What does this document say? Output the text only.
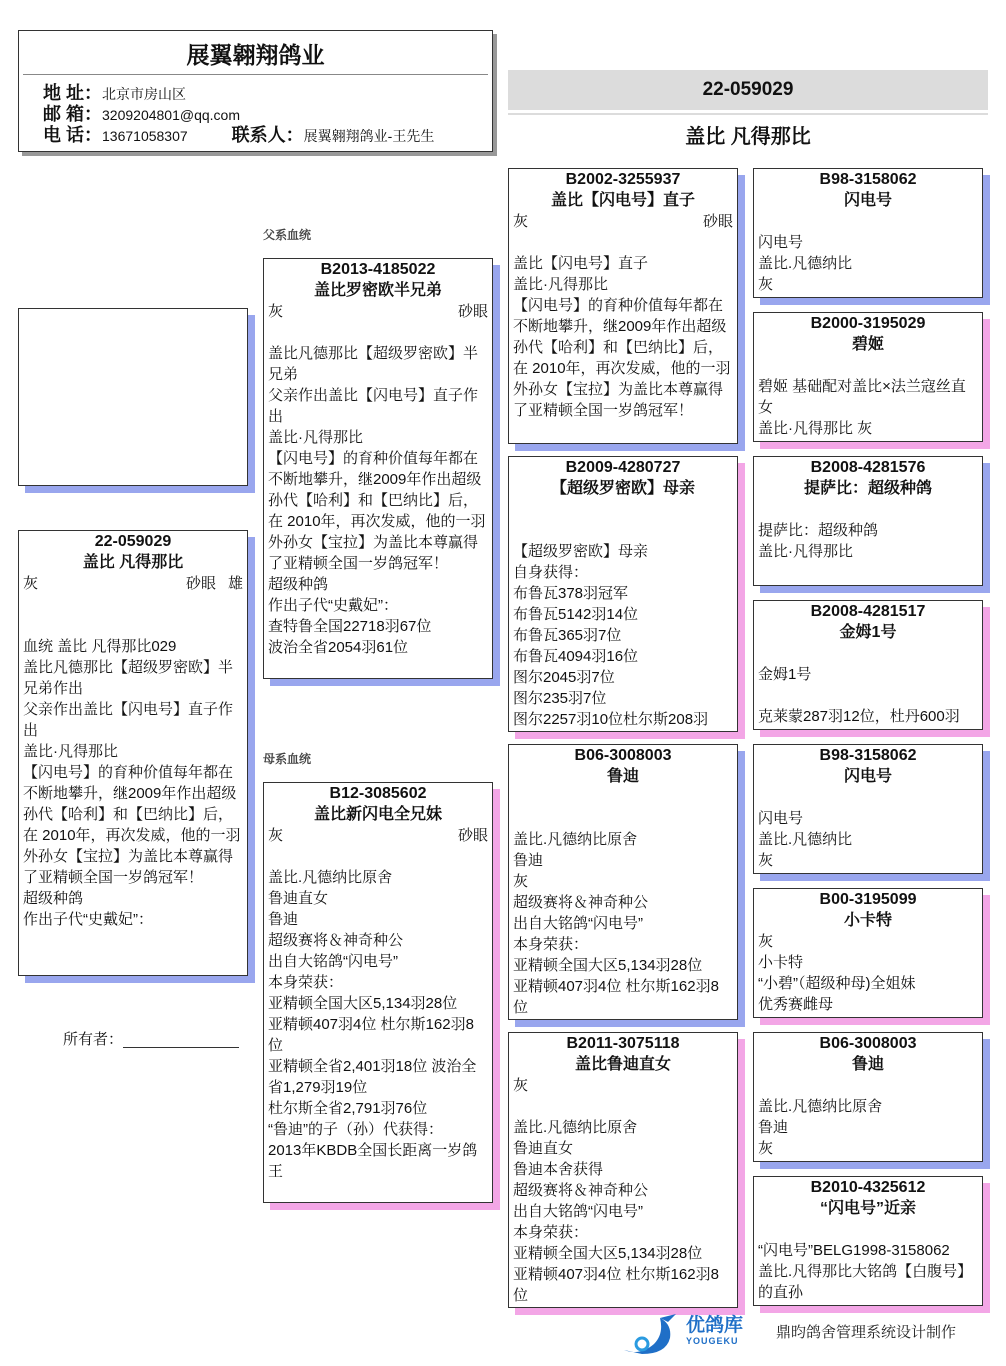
展翼翱翔鸽业
地 址：北京市房山区
邮 箱：3209204801@qq.com
电 话：13671058307 联系人：展翼翱翔鸽业-王先生
22-059029
盖比 凡得那比
父系血统
母系血统
所有者：
22-059029
盖比 凡得那比
灰	砂眼 雄
血统 盖比 凡得那比029
盖比凡德那比【超级罗密欧】半兄弟作出
父亲作出盖比【闪电号】直子作出
盖比·凡得那比
【闪电号】的育种价值每年都在不断地攀升，继2009年作出超级孙代【哈利】和【巴纳比】后，在 2010年，再次发威，他的一羽外孙女【宝拉】为盖比本尊赢得了亚精顿全国一岁鸽冠军！
超级种鸽
作出子代“史戴妃”：
B2013-4185022
盖比罗密欧半兄弟
灰	砂眼
盖比凡德那比【超级罗密欧】半兄弟
父亲作出盖比【闪电号】直子作出
盖比·凡得那比
【闪电号】的育种价值每年都在不断地攀升，继2009年作出超级孙代【哈利】和【巴纳比】后，在 2010年，再次发威，他的一羽外孙女【宝拉】为盖比本尊赢得了亚精顿全国一岁鸽冠军！
超级种鸽
作出子代“史戴妃”：
查特鲁全国22718羽67位
波治全省2054羽61位
B12-3085602
盖比新闪电全兄妹
灰	砂眼
盖比.凡德纳比原舍
鲁迪直女
鲁迪
超级赛将＆神奇种公
出自大铭鸽“闪电号”
本身荣获：
亚精顿全国大区5,134羽28位
亚精顿407羽4位 杜尔斯162羽8位
亚精顿全省2,401羽18位 波治全
省1,279羽19位
杜尔斯全省2,791羽76位
“鲁迪”的子（孙）代获得：
2013年KBDB全国长距离一岁鸽王
B2002-3255937
盖比【闪电号】直子
灰	砂眼
盖比【闪电号】直子
盖比·凡得那比
【闪电号】的育种价值每年都在不断地攀升，继2009年作出超级孙代【哈利】和【巴纳比】后，在 2010年，再次发威，他的一羽外孙女【宝拉】为盖比本尊赢得了亚精顿全国一岁鸽冠军！
B2009-4280727
【超级罗密欧】母亲
【超级罗密欧】母亲
自身获得：
布鲁瓦378羽冠军
布鲁瓦5142羽14位
布鲁瓦365羽7位
布鲁瓦4094羽16位
图尔2045羽7位
图尔235羽7位
图尔2257羽10位杜尔斯208羽
B06-3008003
鲁迪
盖比.凡德纳比原舍
鲁迪
灰
超级赛将＆神奇种公
出自大铭鸽“闪电号”
本身荣获：
亚精顿全国大区5,134羽28位
亚精顿407羽4位 杜尔斯162羽8位
B2011-3075118
盖比鲁迪直女
灰
盖比.凡德纳比原舍
鲁迪直女
鲁迪本舍获得
超级赛将＆神奇种公
出自大铭鸽“闪电号”
本身荣获：
亚精顿全国大区5,134羽28位
亚精顿407羽4位 杜尔斯162羽8位
B98-3158062
闪电号
闪电号
盖比.凡德纳比
灰
B2000-3195029
碧姬
碧姬 基础配对盖比×法兰寇丝直女
盖比·凡得那比 灰
B2008-4281576
提萨比：超级种鸽
提萨比：超级种鸽
盖比·凡得那比
B2008-4281517
金姆1号
金姆1号

克莱蒙287羽12位，杜丹600羽
B98-3158062
闪电号
闪电号
盖比.凡德纳比
灰
B00-3195099
小卡特
灰
小卡特
“小碧”（超级种母)全姐妹
优秀赛雌母
B06-3008003
鲁迪
盖比.凡德纳比原舍
鲁迪
灰
B2010-4325612
“闪电号”近亲
“闪电号”BELG1998-3158062
盖比.凡得那比大铭鸽【白腹号】的直孙
优鸽库
YOUGEKU 鼎昀鸽舍管理系统设计制作
